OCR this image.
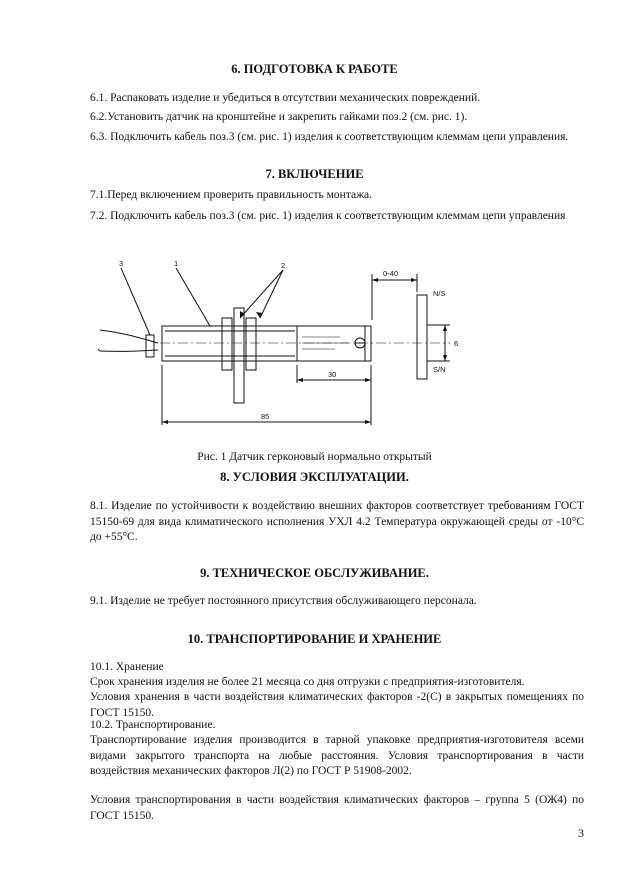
6. ПОДГОТОВКА К РАБОТЕ
6.1. Распаковать изделие и убедиться в отсутствии механических повреждений.
6.2.Установить датчик на кронштейне и закрепить гайками поз.2 (см. рис. 1).
6.3. Подключить кабель поз.3 (см. рис. 1) изделия к соответствующим клеммам цепи управления.
7. ВКЛЮЧЕНИЕ
7.1.Перед включением проверить правильность монтажа.
7.2. Подключить кабель поз.3 (см. рис. 1) изделия к соответствующим клеммам цепи управления
3	1	2
0-40
30
85
6
N/S
S/N
Рис. 1 Датчик герконовый нормально открытый
8. УСЛОВИЯ ЭКСПЛУАТАЦИИ.
8.1. Изделие по устойчивости к воздействию внешних факторов соответствует требованиям ГОСТ 15150-69 для вида климатического исполнения УХЛ 4.2 Температура окружающей среды от -10°С до +55°С.
9. ТЕХНИЧЕСКОЕ ОБСЛУЖИВАНИЕ.
9.1. Изделие не требует постоянного присутствия обслуживающего персонала.
10. ТРАНСПОРТИРОВАНИЕ И ХРАНЕНИЕ
10.1. Хранение
Срок хранения изделия не более 21 месяца со дня отгрузки с предприятия-изготовителя.
Условия хранения в части воздействия климатических факторов -2(С) в закрытых помещениях по ГОСТ 15150.
10.2. Транспортирование.
Транспортирование изделия производится в тарной упаковке предприятия-изготовителя всеми видами закрытого транспорта на любые расстояния. Условия транспортирования в части воздействия механических факторов Л(2) по ГОСТ Р 51908-2002.
Условия транспортирования в части воздействия климатических факторов – группа 5 (ОЖ4) по ГОСТ 15150.
3
